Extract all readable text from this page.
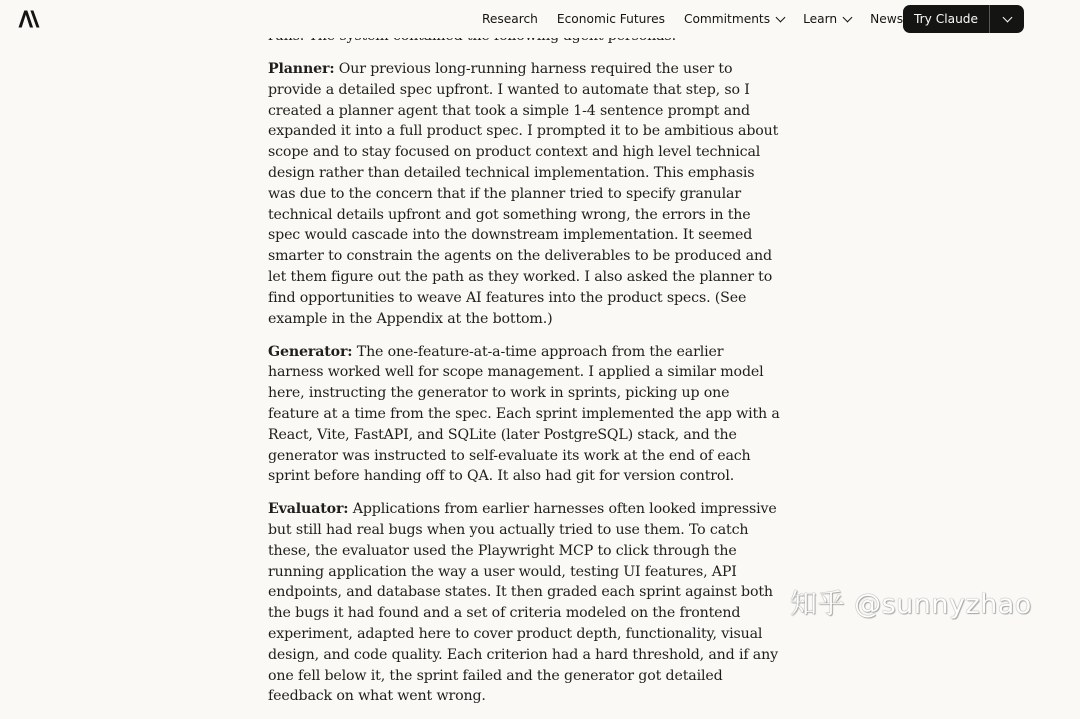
Planner: Our previous long-running harness required the user to provide a detailed spec upfront. I wanted to automate that step, so I created a planner agent that took a simple 1-4 sentence prompt and expanded it into a full product spec. I prompted it to be ambitious about scope and to stay focused on product context and high level technical design rather than detailed technical implementation. This emphasis was due to the concern that if the planner tried to specify granular technical details upfront and got something wrong, the errors in the spec would cascade into the downstream implementation. It seemed smarter to constrain the agents on the deliverables to be produced and let them figure out the path as they worked. I also asked the planner to find opportunities to weave AI features into the product specs. (See example in the Appendix at the bottom.)

Generator: The one-feature-at-a-time approach from the earlier harness worked well for scope management. I applied a similar model here, instructing the generator to work in sprints, picking up one feature at a time from the spec. Each sprint implemented the app with a React, Vite, FastAPI, and SQLite (later PostgreSQL) stack, and the generator was instructed to self-evaluate its work at the end of each sprint before handing off to QA. It also had git for version control.

Evaluator: Applications from earlier harnesses often looked impressive but still had real bugs when you actually tried to use them. To catch these, the evaluator used the Playwright MCP to click through the running application the way a user would, testing UI features, API endpoints, and database states. It then graded each sprint against both the bugs it had found and a set of criteria modeled on the frontend experiment, adapted here to cover product depth, functionality, visual design, and code quality. Each criterion had a hard threshold, and if any one fell below it, the sprint failed and the generator got detailed feedback on what went wrong.

Research Economic Futures Commitments	Learn	News Try Claude
知乎 @sunnyzhao
